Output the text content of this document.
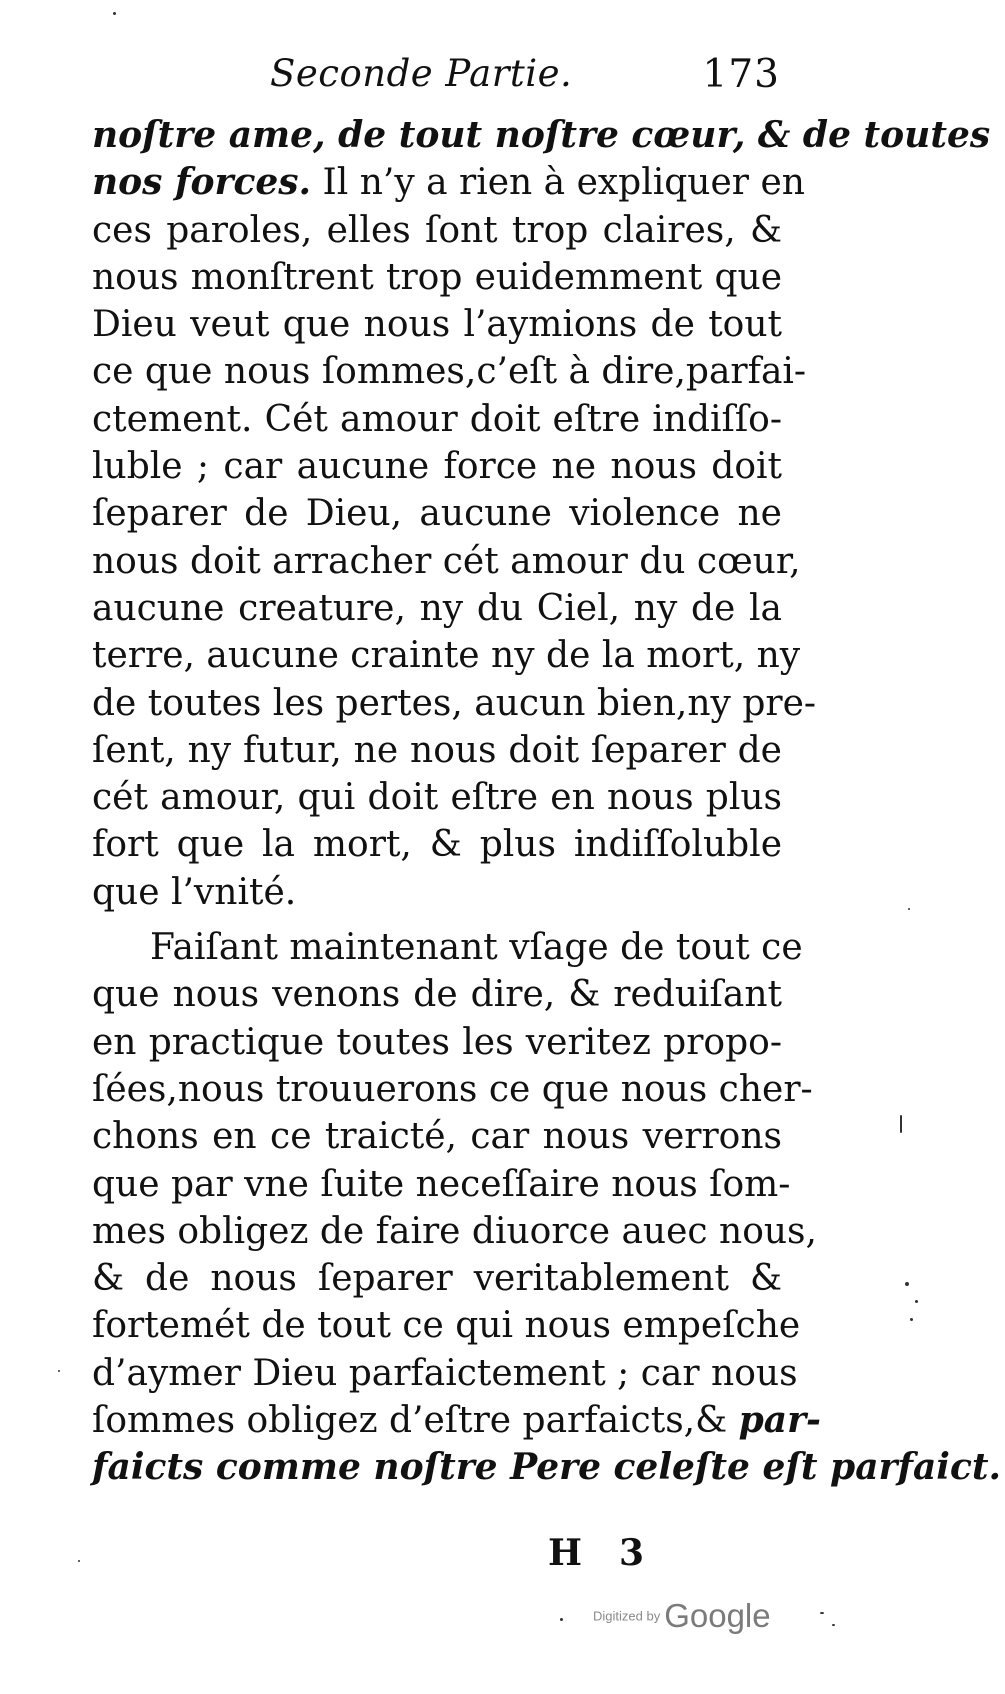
Seconde Partie.	173
noſtre ame, de tout noſtre cœur, & de toutes
nos forces. Il n’y a rien à expliquer en
ces paroles, elles ſont trop claires, &
nous monſtrent trop euidemment que
Dieu veut que nous l’aymions de tout
ce que nous ſommes,c’eſt à dire,parfai-
ctement. Cét amour doit eſtre indiſſo-
luble ; car aucune force ne nous doit
ſeparer de Dieu, aucune violence ne
nous doit arracher cét amour du cœur,
aucune creature, ny du Ciel, ny de la
terre, aucune crainte ny de la mort, ny
de toutes les pertes, aucun bien,ny pre-
ſent, ny futur, ne nous doit ſeparer de
cét amour, qui doit eſtre en nous plus
fort que la mort, & plus indiſſoluble
que l’vnité.
Faiſant maintenant vſage de tout ce
que nous venons de dire, & reduiſant
en practique toutes les veritez propo-
ſées,nous trouuerons ce que nous cher-
chons en ce traicté, car nous verrons
que par vne ſuite neceſſaire nous ſom-
mes obligez de faire diuorce auec nous,
& de nous ſeparer veritablement &
fortemét de tout ce qui nous empeſche
d’aymer Dieu parfaictement ; car nous
ſommes obligez d’eſtre parfaicts,& par-
faicts comme noſtre Pere celeſte eſt parfaict.
H 3
Digitized by Google
